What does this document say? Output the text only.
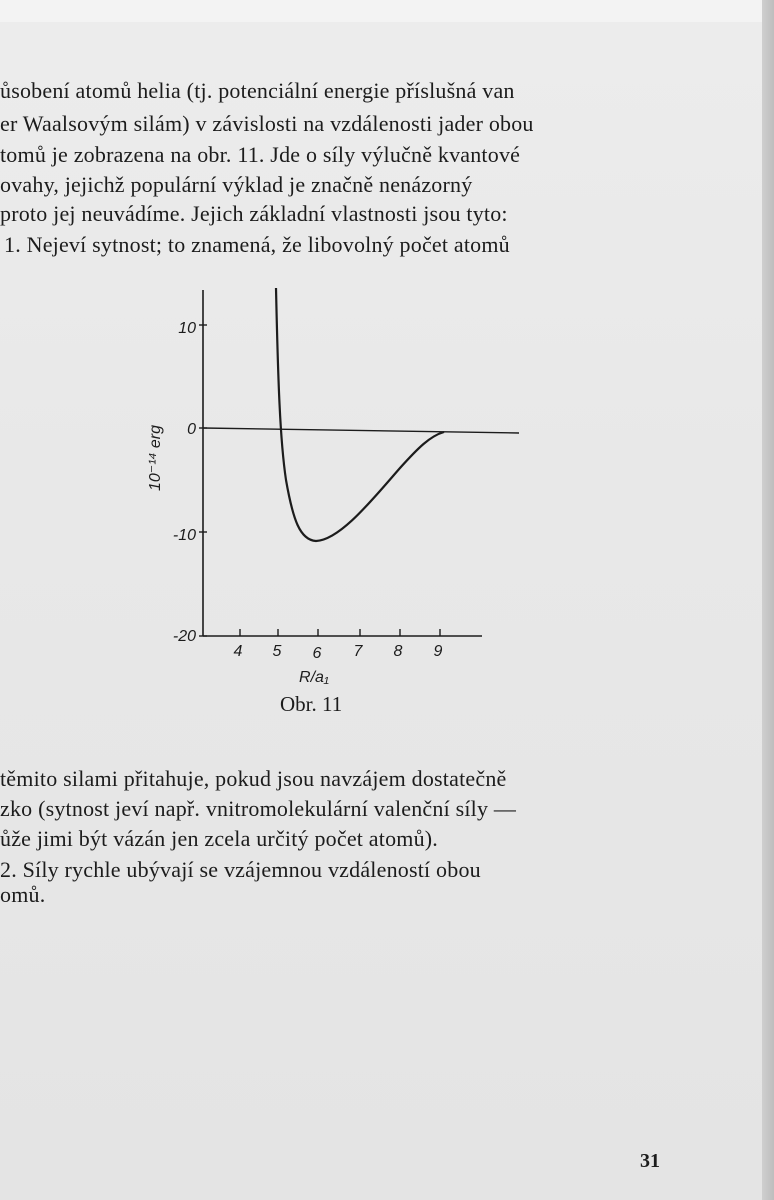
ůsobení atomů helia (tj. potenciální energie příslušná van

er Waalsovým silám) v závislosti na vzdálenosti jader obou

tomů je zobrazena na obr. 11. Jde o síly výlučně kvantové

ovahy, jejichž populární výklad je značně nenázorný

proto jej neuvádíme. Jejich základní vlastnosti jsou tyto:

1. Nejeví sytnost; to znamená, že libovolný počet atomů

10
0
-10
-20
4 5 6 7 8 9
R/a₁
10⁻¹⁴ erg

Obr. 11

těmito silami přitahuje, pokud jsou navzájem dostatečně

zko (sytnost jeví např. vnitromolekulární valenční síly —

ůže jimi být vázán jen zcela určitý počet atomů).

2. Síly rychle ubývají se vzájemnou vzdáleností obou

omů.

31
